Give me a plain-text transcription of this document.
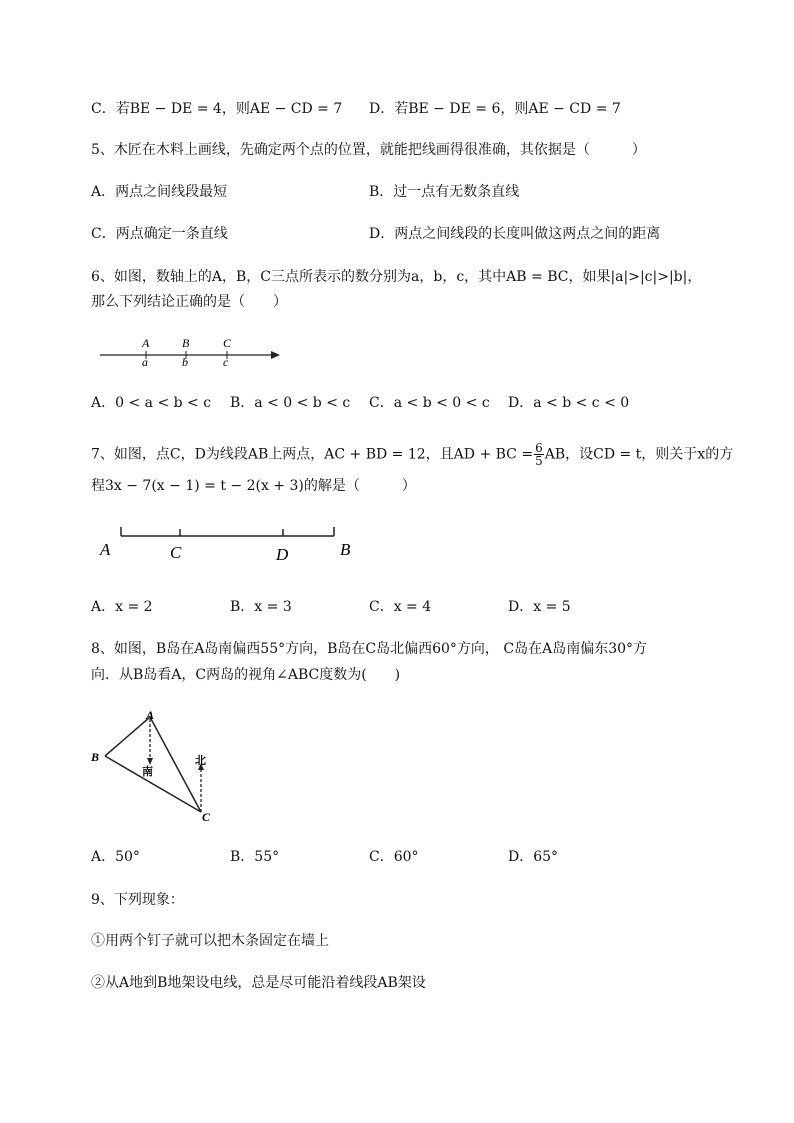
C．若BE − DE = 4，则AE − CD = 7 D．若BE − DE = 6，则AE − CD = 7
5、木匠在木料上画线，先确定两个点的位置，就能把线画得很准确，其依据是（　　　）
A．两点之间线段最短	B．过一点有无数条直线
C．两点确定一条直线	D．两点之间线段的长度叫做这两点之间的距离
6、如图，数轴上的A，B，C三点所表示的数分别为a，b，c，其中AB = BC，如果|a|>|c|>|b|，
那么下列结论正确的是（　　）
A	B	C
a	b	c
A．0 < a < b < c B．a < 0 < b < c C．a < b < 0 < c D．a < b < c < 0
7、如图，点C，D为线段AB上两点，AC + BD = 12，且AD + BC = $\frac{6}{5}$ AB，设CD = t，则关于x的方
程3x − 7(x − 1) = t − 2(x + 3)的解是（　　　）
A	C	D	B
A．x = 2	B．x = 3	C．x = 4	D．x = 5
8、如图，B岛在A岛南偏西55°方向，B岛在C岛北偏西60°方向， C岛在A岛南偏东30°方
向．从B岛看A，C两岛的视角∠ABC度数为(　　)
A
B
C
南
北
A．50°	B．55°	C．60°	D．65°
9、下列现象：
①用两个钉子就可以把木条固定在墙上
②从A地到B地架设电线，总是尽可能沿着线段AB架设
